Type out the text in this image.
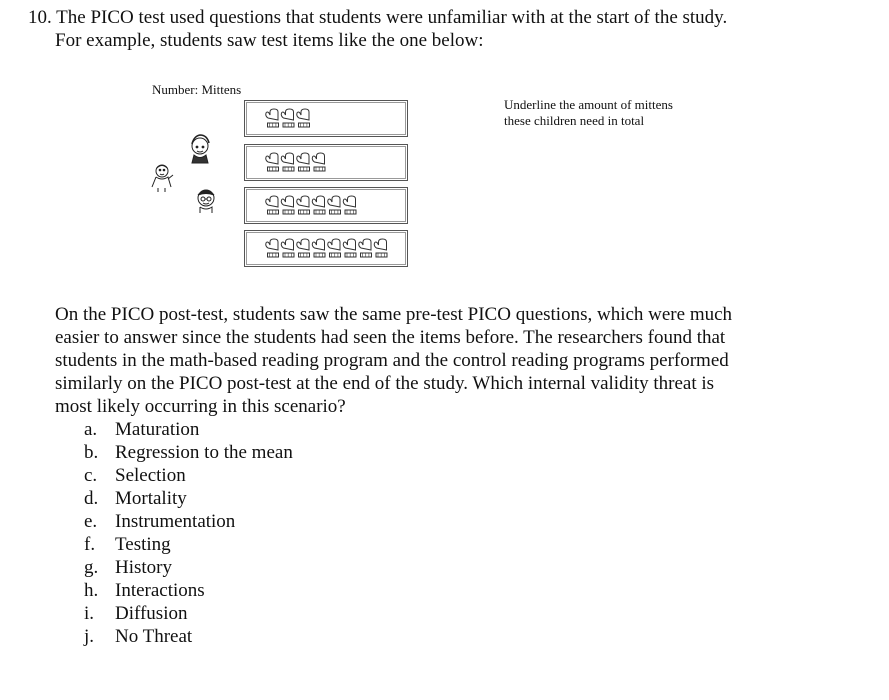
10. The PICO test used questions that students were unfamiliar with at the start of the study.
For example, students saw test items like the one below:
Number: Mittens
Underline the amount of mittens
these children need in total
On the PICO post-test, students saw the same pre-test PICO questions, which were much
easier to answer since the students had seen the items before. The researchers found that
students in the math-based reading program and the control reading programs performed
similarly on the PICO post-test at the end of the study. Which internal validity threat is
most likely occurring in this scenario?
a. Maturation
b. Regression to the mean
c. Selection
d. Mortality
e. Instrumentation
f. Testing
g. History
h. Interactions
i. Diffusion
j. No Threat
